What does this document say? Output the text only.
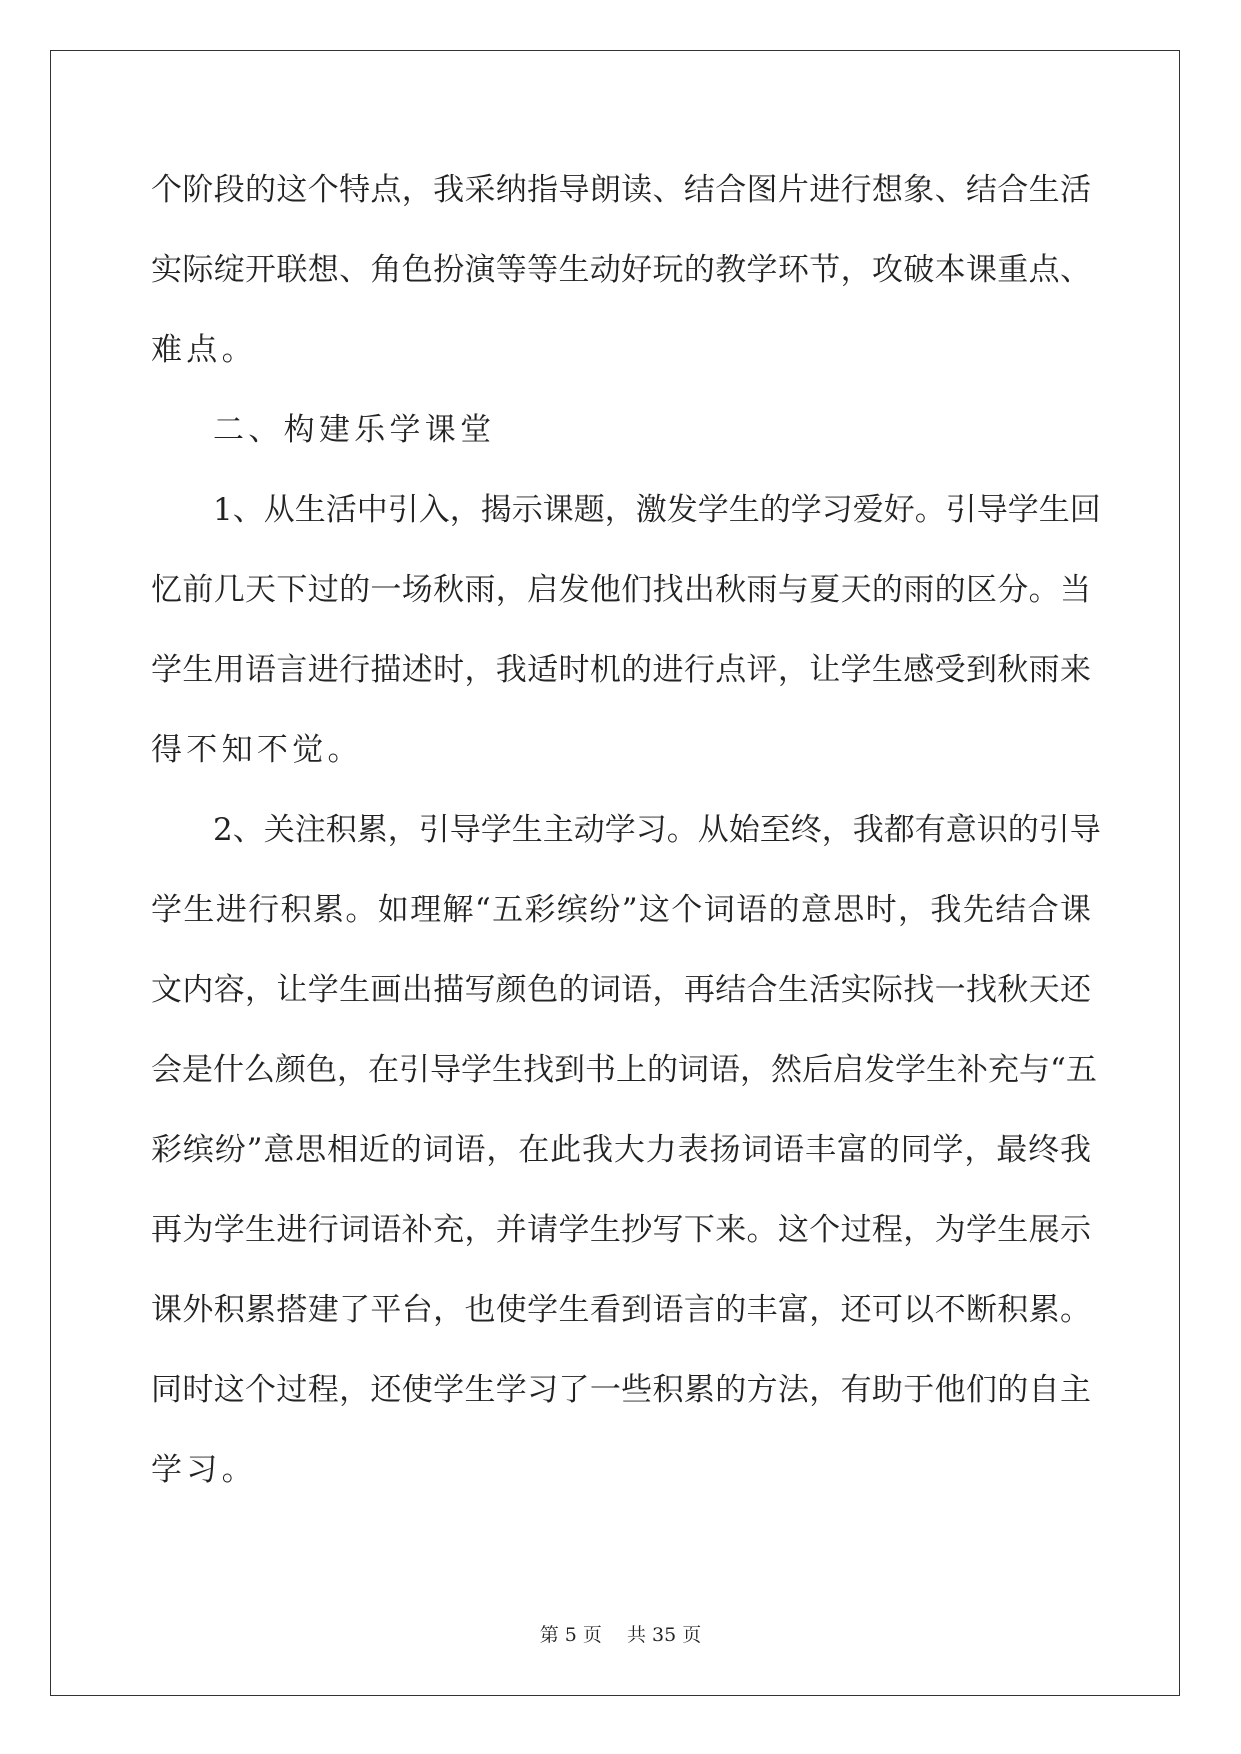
个阶段的这个特点，我采纳指导朗读、结合图片进行想象、结合生活
实际绽开联想、角色扮演等等生动好玩的教学环节，攻破本课重点、
难点。
二、构建乐学课堂
1、从生活中引入，揭示课题，激发学生的学习爱好。引导学生回
忆前几天下过的一场秋雨，启发他们找出秋雨与夏天的雨的区分。当
学生用语言进行描述时，我适时机的进行点评，让学生感受到秋雨来
得不知不觉。
2、关注积累，引导学生主动学习。从始至终，我都有意识的引导
学生进行积累。如理解“五彩缤纷”这个词语的意思时，我先结合课
文内容，让学生画出描写颜色的词语，再结合生活实际找一找秋天还
会是什么颜色，在引导学生找到书上的词语，然后启发学生补充与“五
彩缤纷”意思相近的词语，在此我大力表扬词语丰富的同学，最终我
再为学生进行词语补充，并请学生抄写下来。这个过程，为学生展示
课外积累搭建了平台，也使学生看到语言的丰富，还可以不断积累。
同时这个过程，还使学生学习了一些积累的方法，有助于他们的自主
学习。
第 5 页　 共 35 页
